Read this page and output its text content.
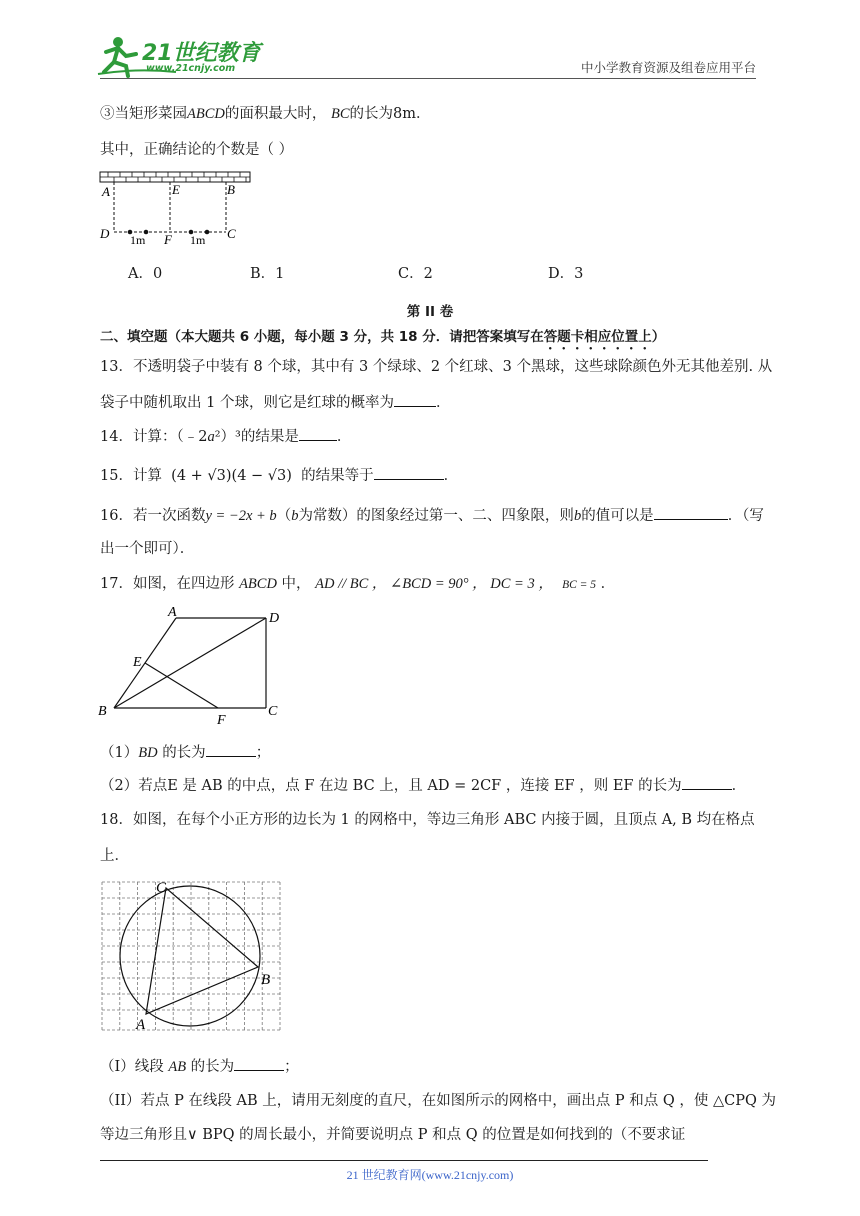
21世纪教育
www.21cnjy.com	中小学教育资源及组卷应用平台
③当矩形菜园ABCD的面积最大时， BC的长为8m．
其中，正确结论的个数是（ ）
A	E	B
D	F	C
1m	1m
A．0	B．1	C．2	D．3
第 II 卷
二、填空题（本大题共 6 小题，每小题 3 分，共 18 分．请把答案填写在答题卡相应位置上）
13．不透明袋子中装有 8 个球，其中有 3 个绿球、2 个红球、3 个黑球，这些球除颜色外无其他差别. 从
袋子中随机取出 1 个球，则它是红球的概率为	．
14．计算：（﹣2a²）³的结果是	．
15．计算 (4 + √3)(4 − √3) 的结果等于	．
16．若一次函数y = −2x + b（b为常数）的图象经过第一、二、四象限，则b的值可以是	．（写
出一个即可）．
17．如图，在四边形 ABCD 中， AD // BC ， ∠BCD = 90° ， DC = 3 ， BC = 5 ．
A	D
E
B
F
C
（1）BD 的长为	；
（2）若点E 是 AB 的中点，点 F 在边 BC 上，且 AD = 2CF ，连接 EF ，则 EF 的长为	．
18．如图，在每个小正方形的边长为 1 的网格中，等边三角形 ABC 内接于圆，且顶点 A, B 均在格点
上．
C
B
A
（I）线段 AB 的长为	；
（II）若点 P 在线段 AB 上，请用无刻度的直尺，在如图所示的网格中，画出点 P 和点 Q ，使 △CPQ 为
等边三角形且∨ BPQ 的周长最小，并简要说明点 P 和点 Q 的位置是如何找到的（不要求证
21 世纪教育网(www.21cnjy.com)
